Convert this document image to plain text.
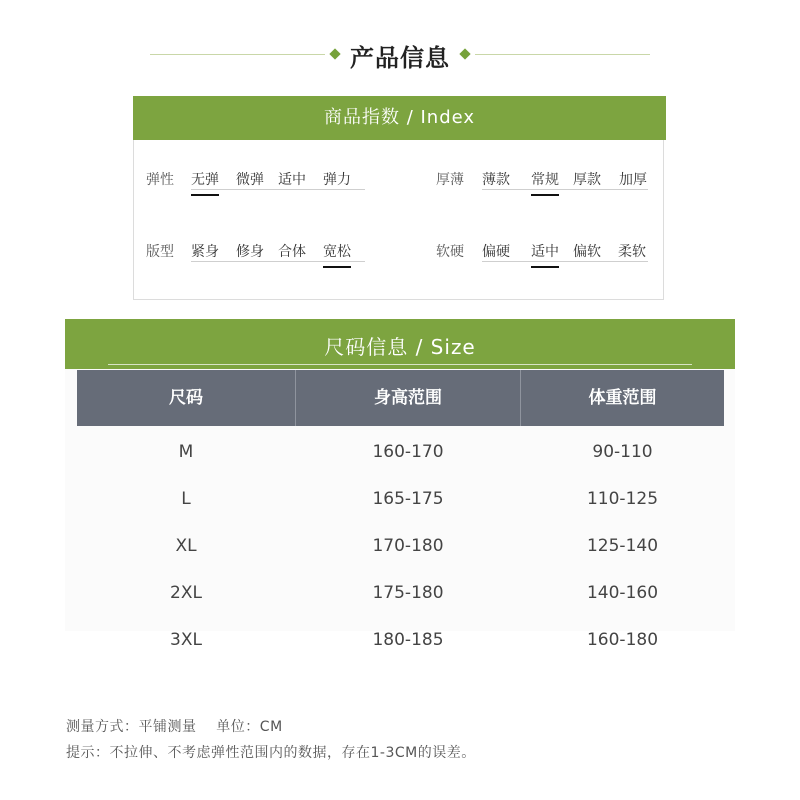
产品信息
商品指数 / Index
弹性 无弹 微弹 适中 弹力	厚薄 薄款 常规 厚款 加厚
版型 紧身 修身 合体 宽松	软硬 偏硬 适中 偏软 柔软
尺码信息 / Size
尺码	身高范围	体重范围
M	160-170	90-110
L	165-175	110-125
XL	170-180	125-140
2XL	175-180	140-160
3XL	180-185	160-180
测量方式：平铺测量    单位：CM
提示：不拉伸、不考虑弹性范围内的数据，存在1-3CM的误差。
